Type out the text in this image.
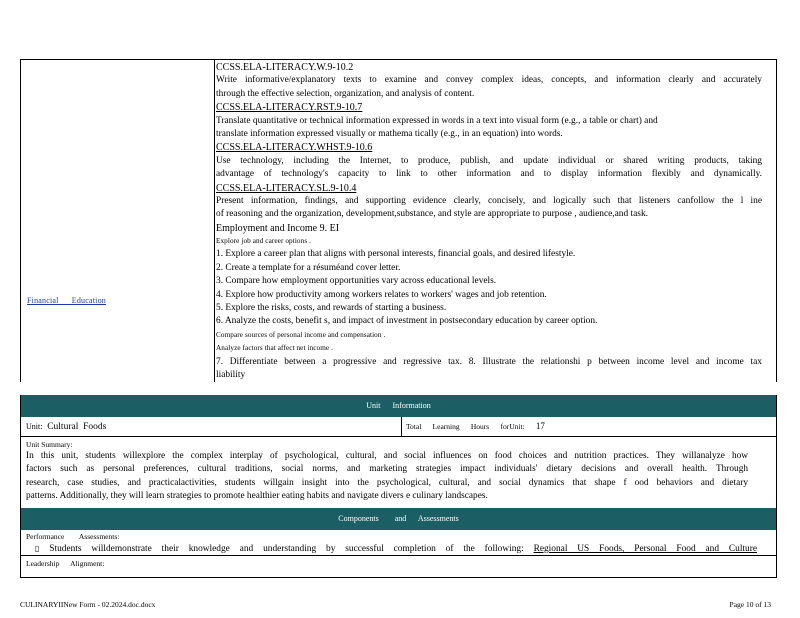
Financial      Education
CCSS.ELA-LITERACY.W.9-10.2
Write informative/explanatory texts to examine and convey complex ideas, concepts, and information clearly and accurately
through the effective selection, organization, and analysis of content.
CCSS.ELA-LITERACY.RST.9-10.7
Translate quantitative or technical information expressed in words in a text into visual form (e.g., a table or chart) and
translate information expressed visually or mathema tically (e.g., in an equation) into words.
CCSS.ELA-LITERACY.WHST.9-10.6
Use technology, including the Internet, to produce, publish, and update individual or shared writing products, taking
advantage of technology's capacity to link to other information and to display information flexibly and dynamically.
CCSS.ELA-LITERACY.SL.9-10.4
Present information, findings, and supporting evidence clearly, concisely, and logically such that listeners canfollow the l ine
of reasoning and the organization, development,substance, and style are appropriate to purpose , audience,and task.
Employment and Income 9. EI
Explore job and career options .
1. Explore a career plan that aligns with personal interests, financial goals, and desired lifestyle.
2. Create a template for a résuméand cover letter.
3. Compare how employment opportunities vary across educational levels.
4. Explore how productivity among workers relates to workers' wages and job retention.
5. Explore the risks, costs, and rewards of starting a business.
6. Analyze the costs, benefit s, and impact of investment in postsecondary education by career option.
Compare sources of personal income and compensation .
Analyze factors that affect net income .
7. Differentiate between a progressive and regressive tax. 8. Illustrate the relationshi p between income level and income tax
liability
Unit      Information
Unit: Cultural  Foods	Total      Learning      Hours      forUnit: 17
Unit Summary:
In this unit, students willexplore the complex interplay of psychological, cultural, and social influences on food choices and nutrition practices. They willanalyze how
factors such as personal preferences, cultural traditions, social norms, and marketing strategies impact individuals' dietary decisions and overall health. Through
research, case studies, and practicalactivities, students willgain insight into the psychological, cultural, and social dynamics that shape f ood behaviors and dietary
patterns. Additionally, they will learn strategies to promote healthier eating habits and navigate divers e culinary landscapes.
Components        and      Assessments
Performance        Assessments:
▯ Students willdemonstrate their knowledge and understanding by successful completion of the following: Regional US Foods, Personal Food and Culture
Leadership      Alignment:
CULINARYIINew Form - 02.2024.doc.docx	Page 10 of 13
